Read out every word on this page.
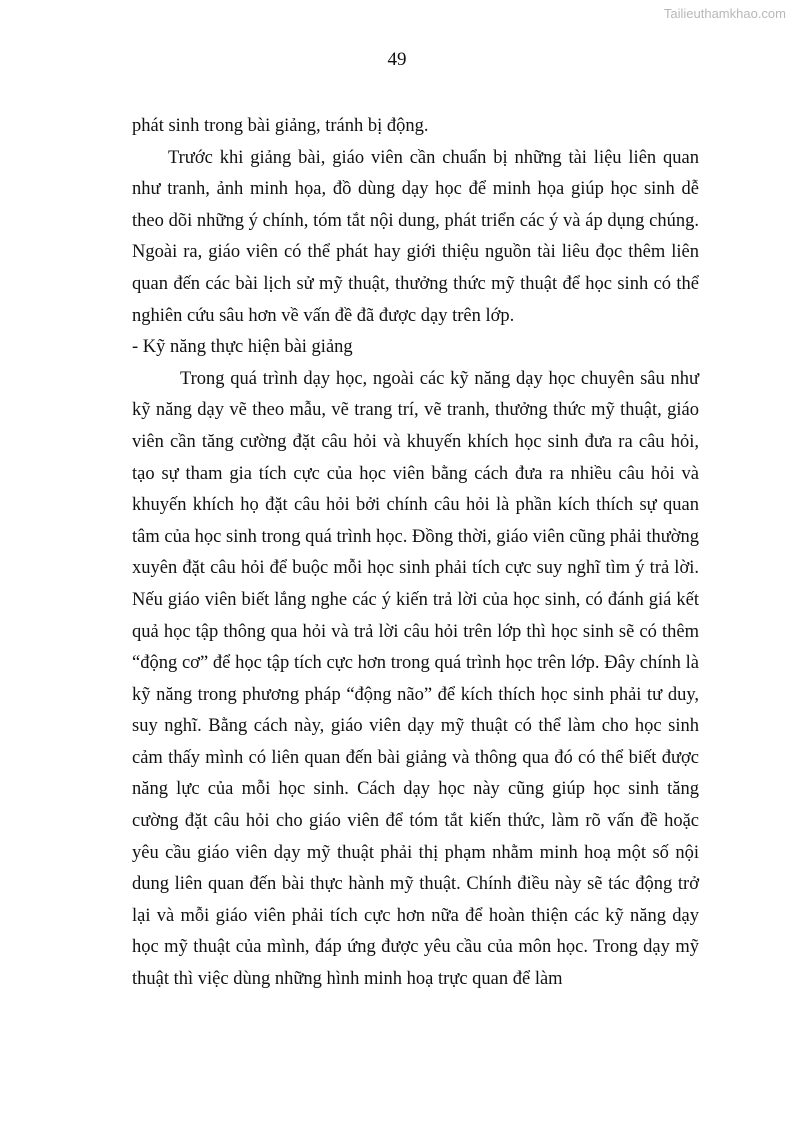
Tailieuthamkhao.com
49

phát sinh trong bài giảng, tránh bị động.

Trước khi giảng bài, giáo viên cần chuẩn bị những tài liệu liên quan như tranh, ảnh minh họa, đồ dùng dạy học để minh họa giúp học sinh dễ theo dõi những ý chính, tóm tắt nội dung, phát triển các ý và áp dụng chúng. Ngoài ra, giáo viên có thể phát hay giới thiệu nguồn tài liêu đọc thêm liên quan đến các bài lịch sử mỹ thuật, thưởng thức mỹ thuật để học sinh có thể nghiên cứu sâu hơn về vấn đề đã được dạy trên lớp.

- Kỹ năng thực hiện bài giảng

Trong quá trình dạy học, ngoài các kỹ năng dạy học chuyên sâu như kỹ năng dạy vẽ theo mẫu, vẽ trang trí, vẽ tranh, thưởng thức mỹ thuật, giáo viên cần tăng cường đặt câu hỏi và khuyến khích học sinh đưa ra câu hỏi, tạo sự tham gia tích cực của học viên bằng cách đưa ra nhiều câu hỏi và khuyến khích họ đặt câu hỏi bởi chính câu hỏi là phần kích thích sự quan tâm của học sinh trong quá trình học. Đồng thời, giáo viên cũng phải thường xuyên đặt câu hỏi để buộc mỗi học sinh phải tích cực suy nghĩ tìm ý trả lời. Nếu giáo viên biết lắng nghe các ý kiến trả lời của học sinh, có đánh giá kết quả học tập thông qua hỏi và trả lời câu hỏi trên lớp thì học sinh sẽ có thêm “động cơ” để học tập tích cực hơn trong quá trình học trên lớp. Đây chính là kỹ năng trong phương pháp “động não” để kích thích học sinh phải tư duy, suy nghĩ. Bằng cách này, giáo viên dạy mỹ thuật có thể làm cho học sinh cảm thấy mình có liên quan đến bài giảng và thông qua đó có thể biết được năng lực của mỗi học sinh. Cách dạy học này cũng giúp học sinh tăng cường đặt câu hỏi cho giáo viên để tóm tắt kiến thức, làm rõ vấn đề hoặc yêu cầu giáo viên dạy mỹ thuật phải thị phạm nhằm minh hoạ một số nội dung liên quan đến bài thực hành mỹ thuật. Chính điều này sẽ tác động trở lại và mỗi giáo viên phải tích cực hơn nữa để hoàn thiện các kỹ năng dạy học mỹ thuật của mình, đáp ứng được yêu cầu của môn học. Trong dạy mỹ thuật thì việc dùng những hình minh hoạ trực quan để làm
